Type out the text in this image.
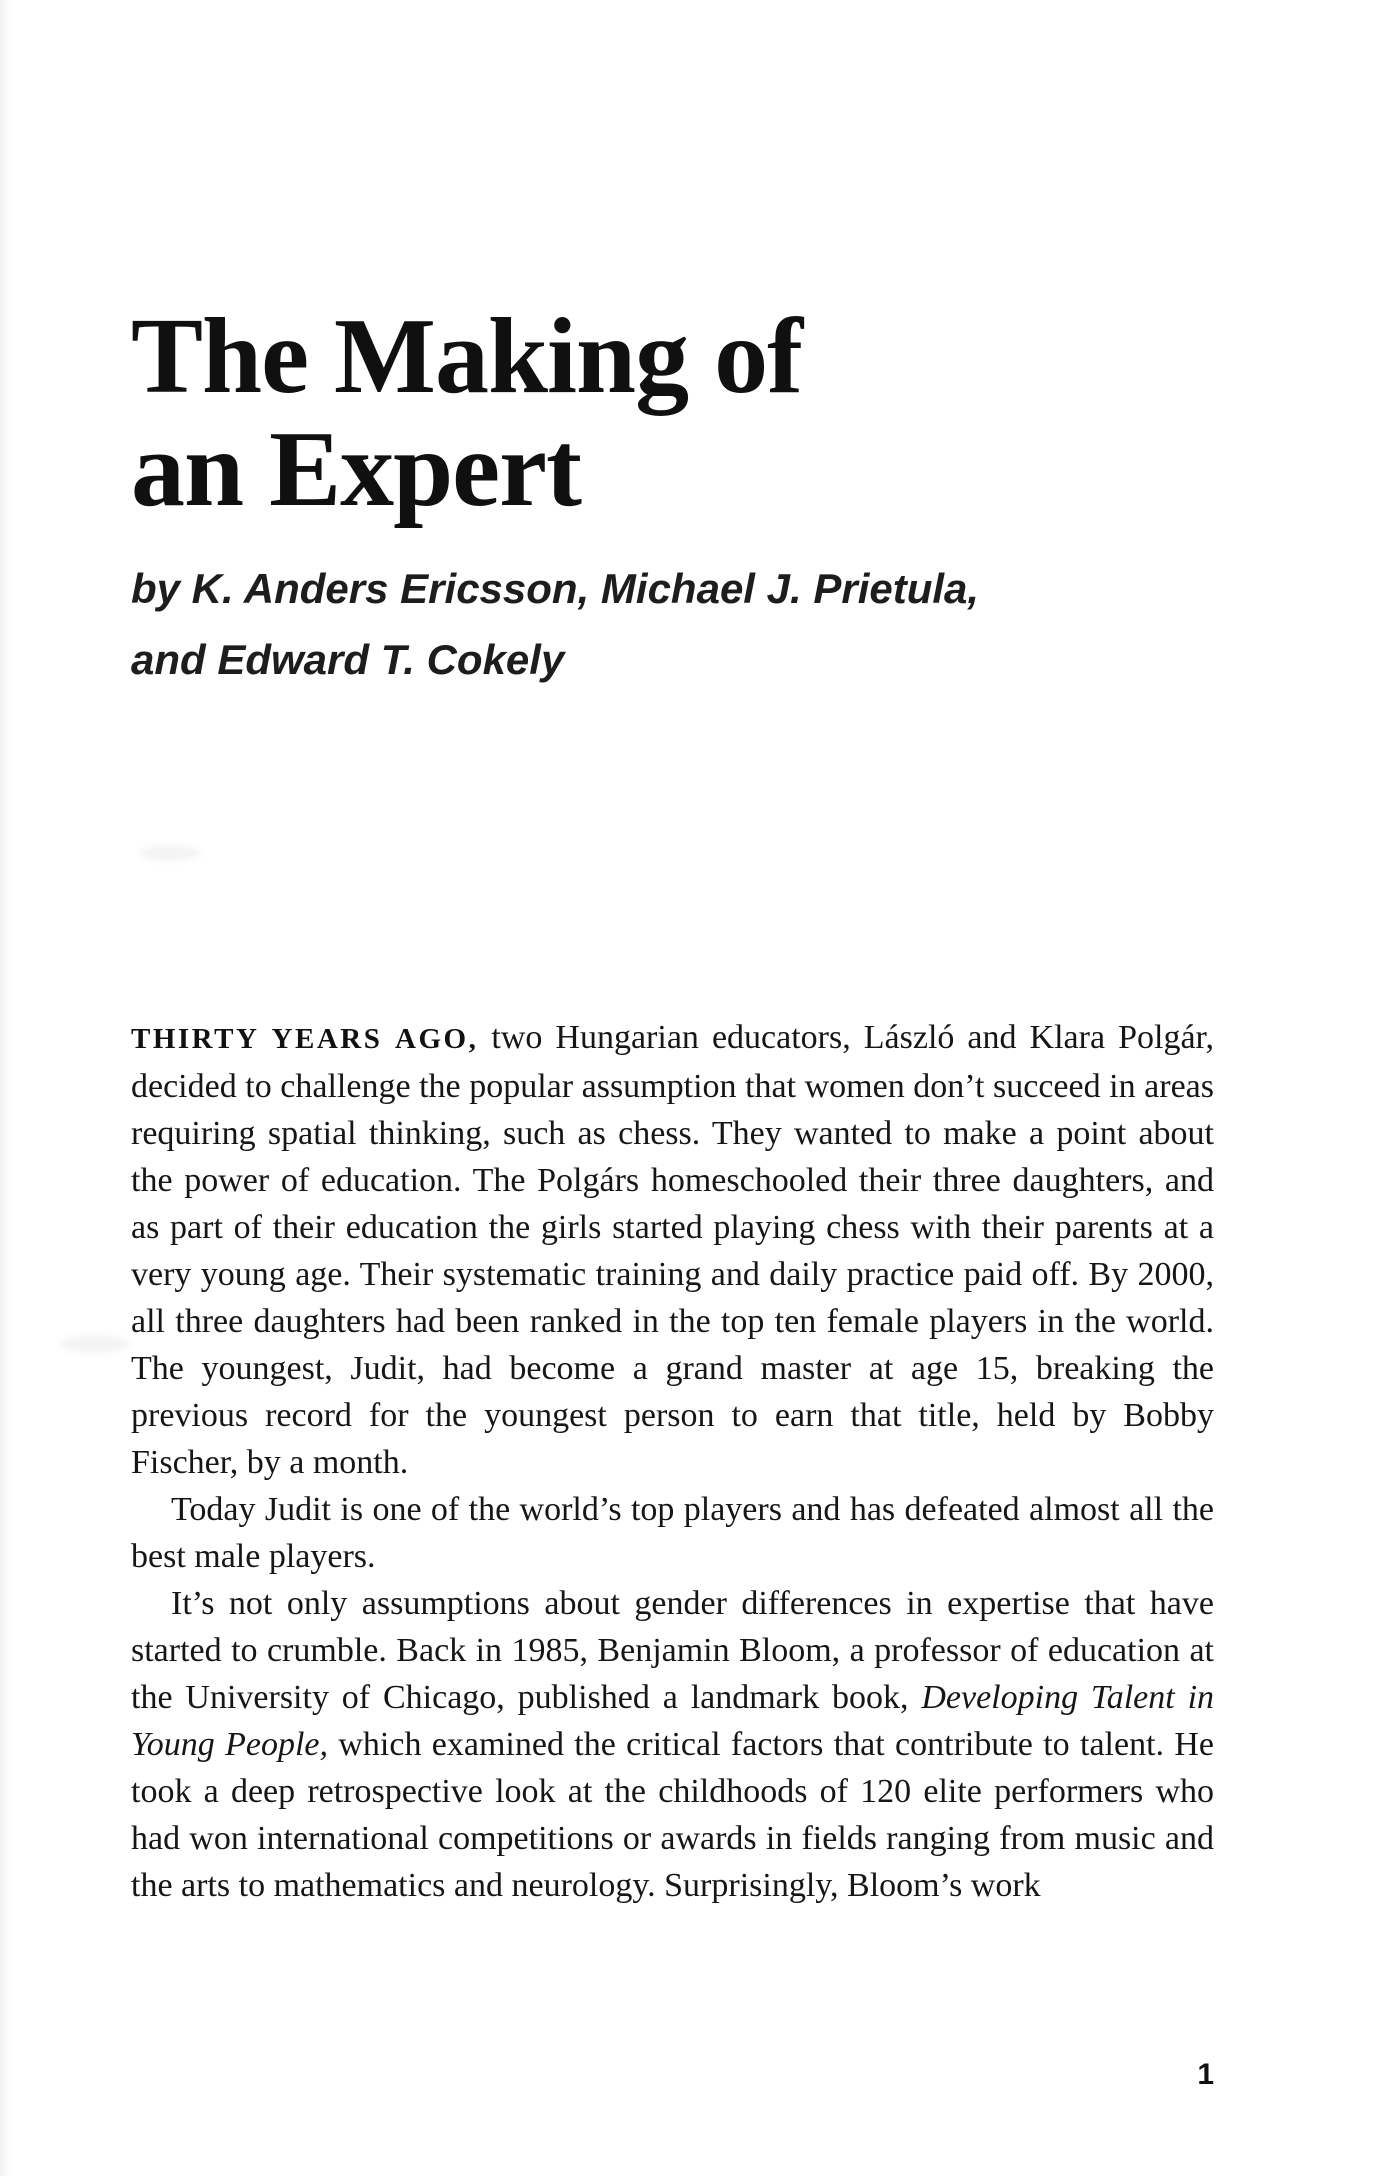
The Making of
an Expert

by K. Anders Ericsson, Michael J. Prietula,
and Edward T. Cokely

THIRTY YEARS AGO, two Hungarian educators, László and Klara Polgár, decided to challenge the popular assumption that women don’t succeed in areas requiring spatial thinking, such as chess. They wanted to make a point about the power of education. The Polgárs homeschooled their three daughters, and as part of their education the girls started playing chess with their parents at a very young age. Their systematic training and daily practice paid off. By 2000, all three daughters had been ranked in the top ten female players in the world. The youngest, Judit, had become a grand master at age 15, breaking the previous record for the youngest person to earn that title, held by Bobby Fischer, by a month.

Today Judit is one of the world’s top players and has defeated almost all the best male players.

It’s not only assumptions about gender differences in expertise that have started to crumble. Back in 1985, Benjamin Bloom, a professor of education at the University of Chicago, published a landmark book, Developing Talent in Young People, which examined the critical factors that contribute to talent. He took a deep retrospective look at the childhoods of 120 elite performers who had won international competitions or awards in fields ranging from music and the arts to mathematics and neurology. Surprisingly, Bloom’s work

1
